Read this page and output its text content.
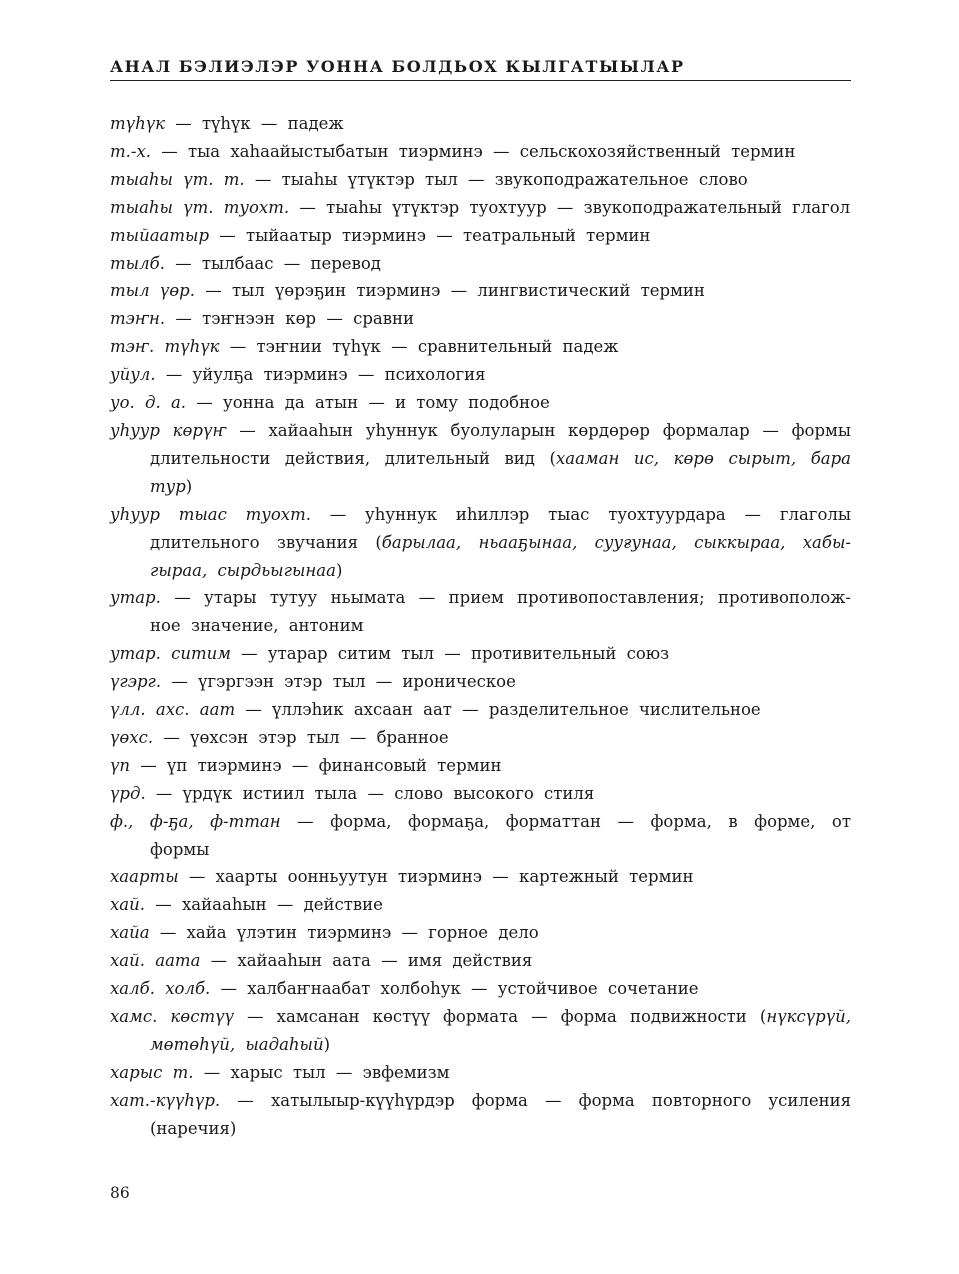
АНАЛ БЭЛИЭЛЭР УОННА БОЛДЬОХ КЫЛГАТЫЫЛАР
түһүк — түһүк — падеж
т.-х. — тыа хаһаайыстыбатын тиэрминэ — сельскохозяйственный термин
тыаһы үт. т. — тыаһы үтүктэр тыл — звукоподражательное слово
тыаһы үт. туохт. — тыаһы үтүктэр туохтуур — звукоподражательный глагол
тыйаатыр — тыйаатыр тиэрминэ — театральный термин
тылб. — тылбаас — перевод
тыл үөр. — тыл үөрэҕин тиэрминэ — лингвистический термин
тэҥн. — тэҥнээн көр — сравни
тэҥ. түһүк — тэҥнии түһүк — сравнительный падеж
уйул. — уйулҕа тиэрминэ — психология
уо. д. а. — уонна да атын — и тому подобное
уһуур көрүҥ — хайааһын уһуннук буолуларын көрдөрөр формалар — формы длительности действия, длительный вид (хааман ис, көрө сырыт, бара тур)
уһуур тыас туохт. — уһуннук иһиллэр тыас туохтуурдара — глаголы длительного звучания (барылаа, ньааҕынаа, сууғунаа, сыккыраа, хабы-гыраа, сырдьыгынаа)
утар. — утары тутуу ньымата — прием противопоставления; противополож-ное значение, антоним
утар. ситим — утарар ситим тыл — противительный союз
үгэрг. — үгэргээн этэр тыл — ироническое
үлл. ахс. аат — үллэһик ахсаан аат — разделительное числительное
үөхс. — үөхсэн этэр тыл — бранное
үп — үп тиэрминэ — финансовый термин
үрд. — үрдүк истиил тыла — слово высокого стиля
ф., ф-ҕа, ф-ттан — форма, формаҕа, форматтан — форма, в форме, от формы
хаарты — хаарты оонньуутун тиэрминэ — картежный термин
хай. — хайааһын — действие
хайа — хайа үлэтин тиэрминэ — горное дело
хай. аата — хайааһын аата — имя действия
халб. холб. — халбаҥнаабат холбоһук — устойчивое сочетание
хамс. көстүү — хамсанан көстүү формата — форма подвижности (нүксүрүй, мөтөһүй, ыадаһый)
харыс т. — харыс тыл — эвфемизм
хат.-күүһүр. — хатылыыр-күүһүрдэр форма — форма повторного усиления (наречия)
86
